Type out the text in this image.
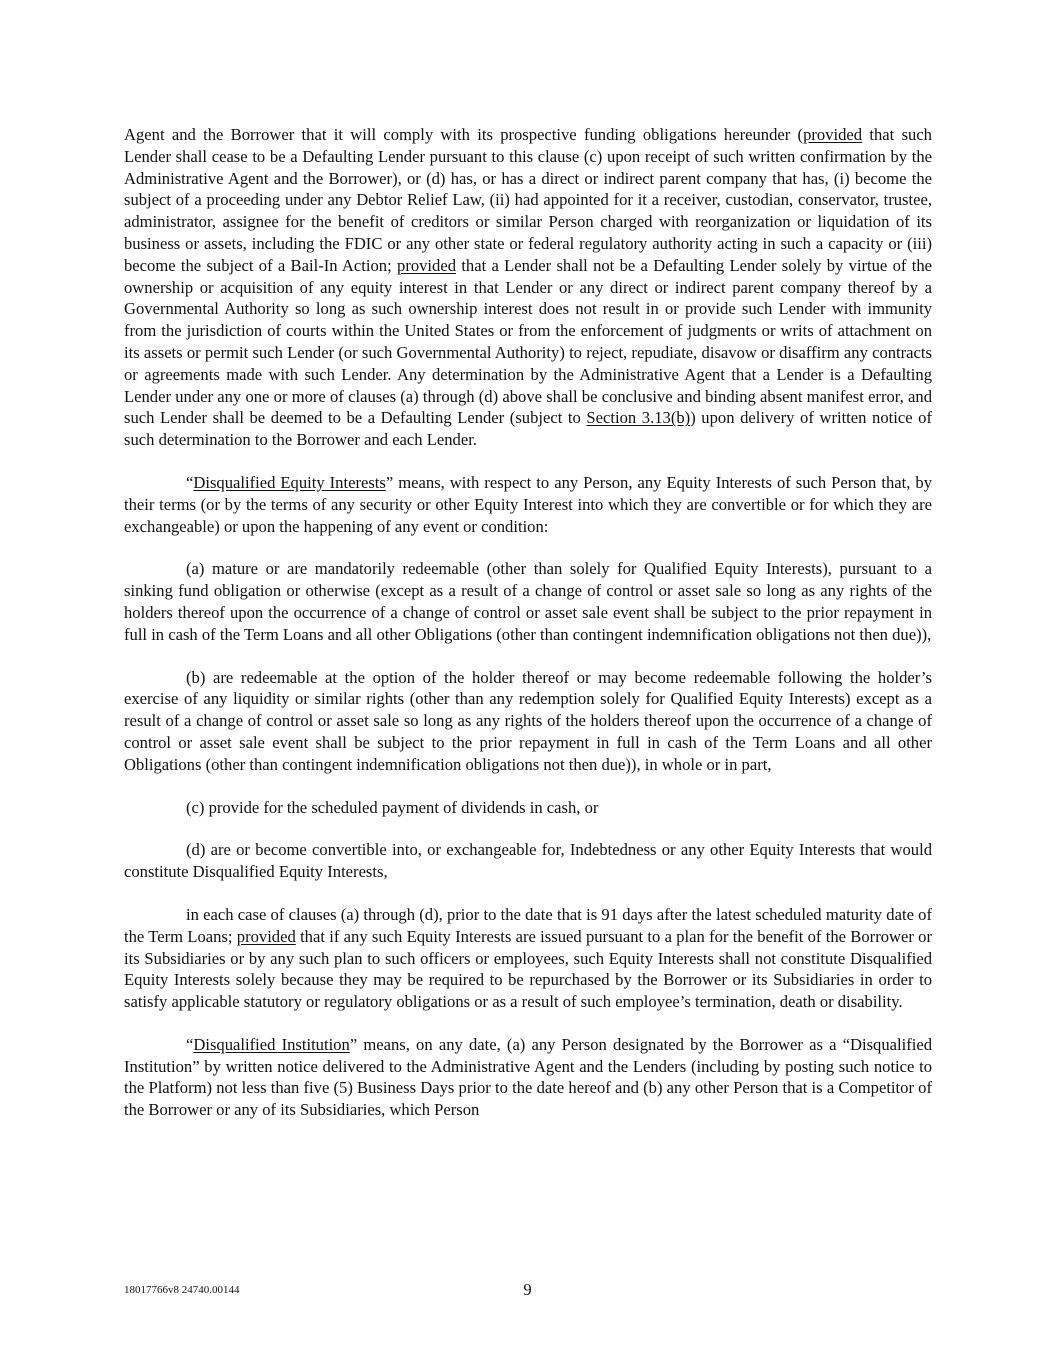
Agent and the Borrower that it will comply with its prospective funding obligations hereunder (provided that such Lender shall cease to be a Defaulting Lender pursuant to this clause (c) upon receipt of such written confirmation by the Administrative Agent and the Borrower), or (d) has, or has a direct or indirect parent company that has, (i) become the subject of a proceeding under any Debtor Relief Law, (ii) had appointed for it a receiver, custodian, conservator, trustee, administrator, assignee for the benefit of creditors or similar Person charged with reorganization or liquidation of its business or assets, including the FDIC or any other state or federal regulatory authority acting in such a capacity or (iii) become the subject of a Bail-In Action; provided that a Lender shall not be a Defaulting Lender solely by virtue of the ownership or acquisition of any equity interest in that Lender or any direct or indirect parent company thereof by a Governmental Authority so long as such ownership interest does not result in or provide such Lender with immunity from the jurisdiction of courts within the United States or from the enforcement of judgments or writs of attachment on its assets or permit such Lender (or such Governmental Authority) to reject, repudiate, disavow or disaffirm any contracts or agreements made with such Lender. Any determination by the Administrative Agent that a Lender is a Defaulting Lender under any one or more of clauses (a) through (d) above shall be conclusive and binding absent manifest error, and such Lender shall be deemed to be a Defaulting Lender (subject to Section 3.13(b)) upon delivery of written notice of such determination to the Borrower and each Lender.

“Disqualified Equity Interests” means, with respect to any Person, any Equity Interests of such Person that, by their terms (or by the terms of any security or other Equity Interest into which they are convertible or for which they are exchangeable) or upon the happening of any event or condition:

(a) mature or are mandatorily redeemable (other than solely for Qualified Equity Interests), pursuant to a sinking fund obligation or otherwise (except as a result of a change of control or asset sale so long as any rights of the holders thereof upon the occurrence of a change of control or asset sale event shall be subject to the prior repayment in full in cash of the Term Loans and all other Obligations (other than contingent indemnification obligations not then due)),

(b) are redeemable at the option of the holder thereof or may become redeemable following the holder’s exercise of any liquidity or similar rights (other than any redemption solely for Qualified Equity Interests) except as a result of a change of control or asset sale so long as any rights of the holders thereof upon the occurrence of a change of control or asset sale event shall be subject to the prior repayment in full in cash of the Term Loans and all other Obligations (other than contingent indemnification obligations not then due)), in whole or in part,

(c) provide for the scheduled payment of dividends in cash, or

(d) are or become convertible into, or exchangeable for, Indebtedness or any other Equity Interests that would constitute Disqualified Equity Interests,

in each case of clauses (a) through (d), prior to the date that is 91 days after the latest scheduled maturity date of the Term Loans; provided that if any such Equity Interests are issued pursuant to a plan for the benefit of the Borrower or its Subsidiaries or by any such plan to such officers or employees, such Equity Interests shall not constitute Disqualified Equity Interests solely because they may be required to be repurchased by the Borrower or its Subsidiaries in order to satisfy applicable statutory or regulatory obligations or as a result of such employee’s termination, death or disability.

“Disqualified Institution” means, on any date, (a) any Person designated by the Borrower as a “Disqualified Institution” by written notice delivered to the Administrative Agent and the Lenders (including by posting such notice to the Platform) not less than five (5) Business Days prior to the date hereof and (b) any other Person that is a Competitor of the Borrower or any of its Subsidiaries, which Person

18017766v8 24740.00144	9
